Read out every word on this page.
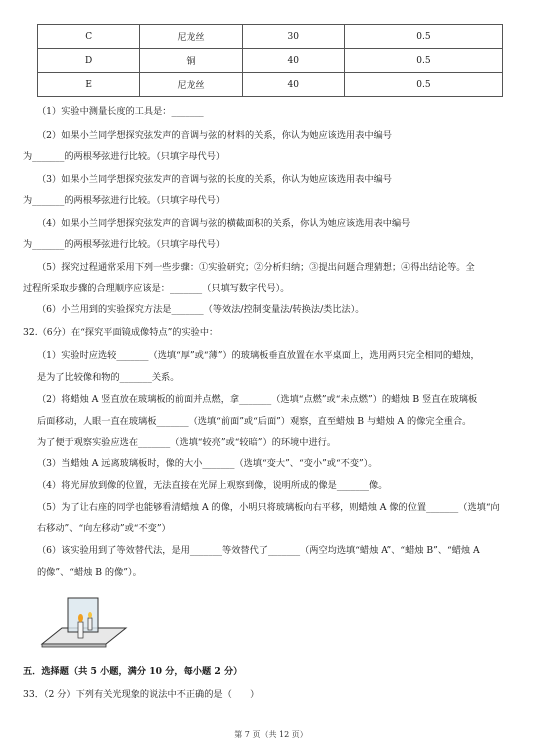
C	尼龙丝	30	0.5
D	铜	40	0.5
E	尼龙丝	40	0.5
（1）实验中测量长度的工具是：_______
（2）如果小兰同学想探究弦发声的音调与弦的材料的关系，你认为她应该选用表中编号
为_______的两根琴弦进行比较。（只填字母代号）
（3）如果小兰同学想探究弦发声的音调与弦的长度的关系，你认为她应该选用表中编号
为_______的两根琴弦进行比较。（只填字母代号）
（4）如果小兰同学想探究弦发声的音调与弦的横截面积的关系，你认为她应该选用表中编号
为_______的两根琴弦进行比较。（只填字母代号）
（5）探究过程通常采用下列一些步骤：①实验研究；②分析归纳；③提出问题合理猜想；④得出结论等。全
过程所采取步骤的合理顺序应该是：_______（只填写数字代号）。
（6）小兰用到的实验探究方法是_______（等效法/控制变量法/转换法/类比法）。
32.（6分）在“探究平面镜成像特点”的实验中：
（1）实验时应选较_______（选填“厚”或“薄”）的玻璃板垂直放置在水平桌面上，选用两只完全相同的蜡烛，
是为了比较像和物的_______关系。
（2）将蜡烛 A 竖直放在玻璃板的前面并点燃，拿_______（选填“点燃”或“未点燃”）的蜡烛 B 竖直在玻璃板
后面移动，人眼一直在玻璃板_______（选填“前面”或“后面”）观察，直至蜡烛 B 与蜡烛 A 的像完全重合。
为了便于观察实验应选在_______（选填“较亮”或“较暗”）的环境中进行。
（3）当蜡烛 A 远离玻璃板时，像的大小_______（选填“变大”、“变小”或“不变”）。
（4）将光屏放到像的位置，无法直接在光屏上观察到像，说明所成的像是_______像。
（5）为了让右座的同学也能够看清蜡烛 A 的像，小明只将玻璃板向右平移，则蜡烛 A 像的位置_______（选填“向
右移动”、“向左移动”或“不变”）
（6）该实验用到了等效替代法，是用_______等效替代了_______（两空均选填“蜡烛 A”、“蜡烛 B”、“蜡烛 A
的像”、“蜡烛 B 的像”）。
五．选择题（共 5 小题，满分 10 分，每小题 2 分）
33．（2 分）下列有关光现象的说法中不正确的是（　　）
第 7 页（共 12 页）
